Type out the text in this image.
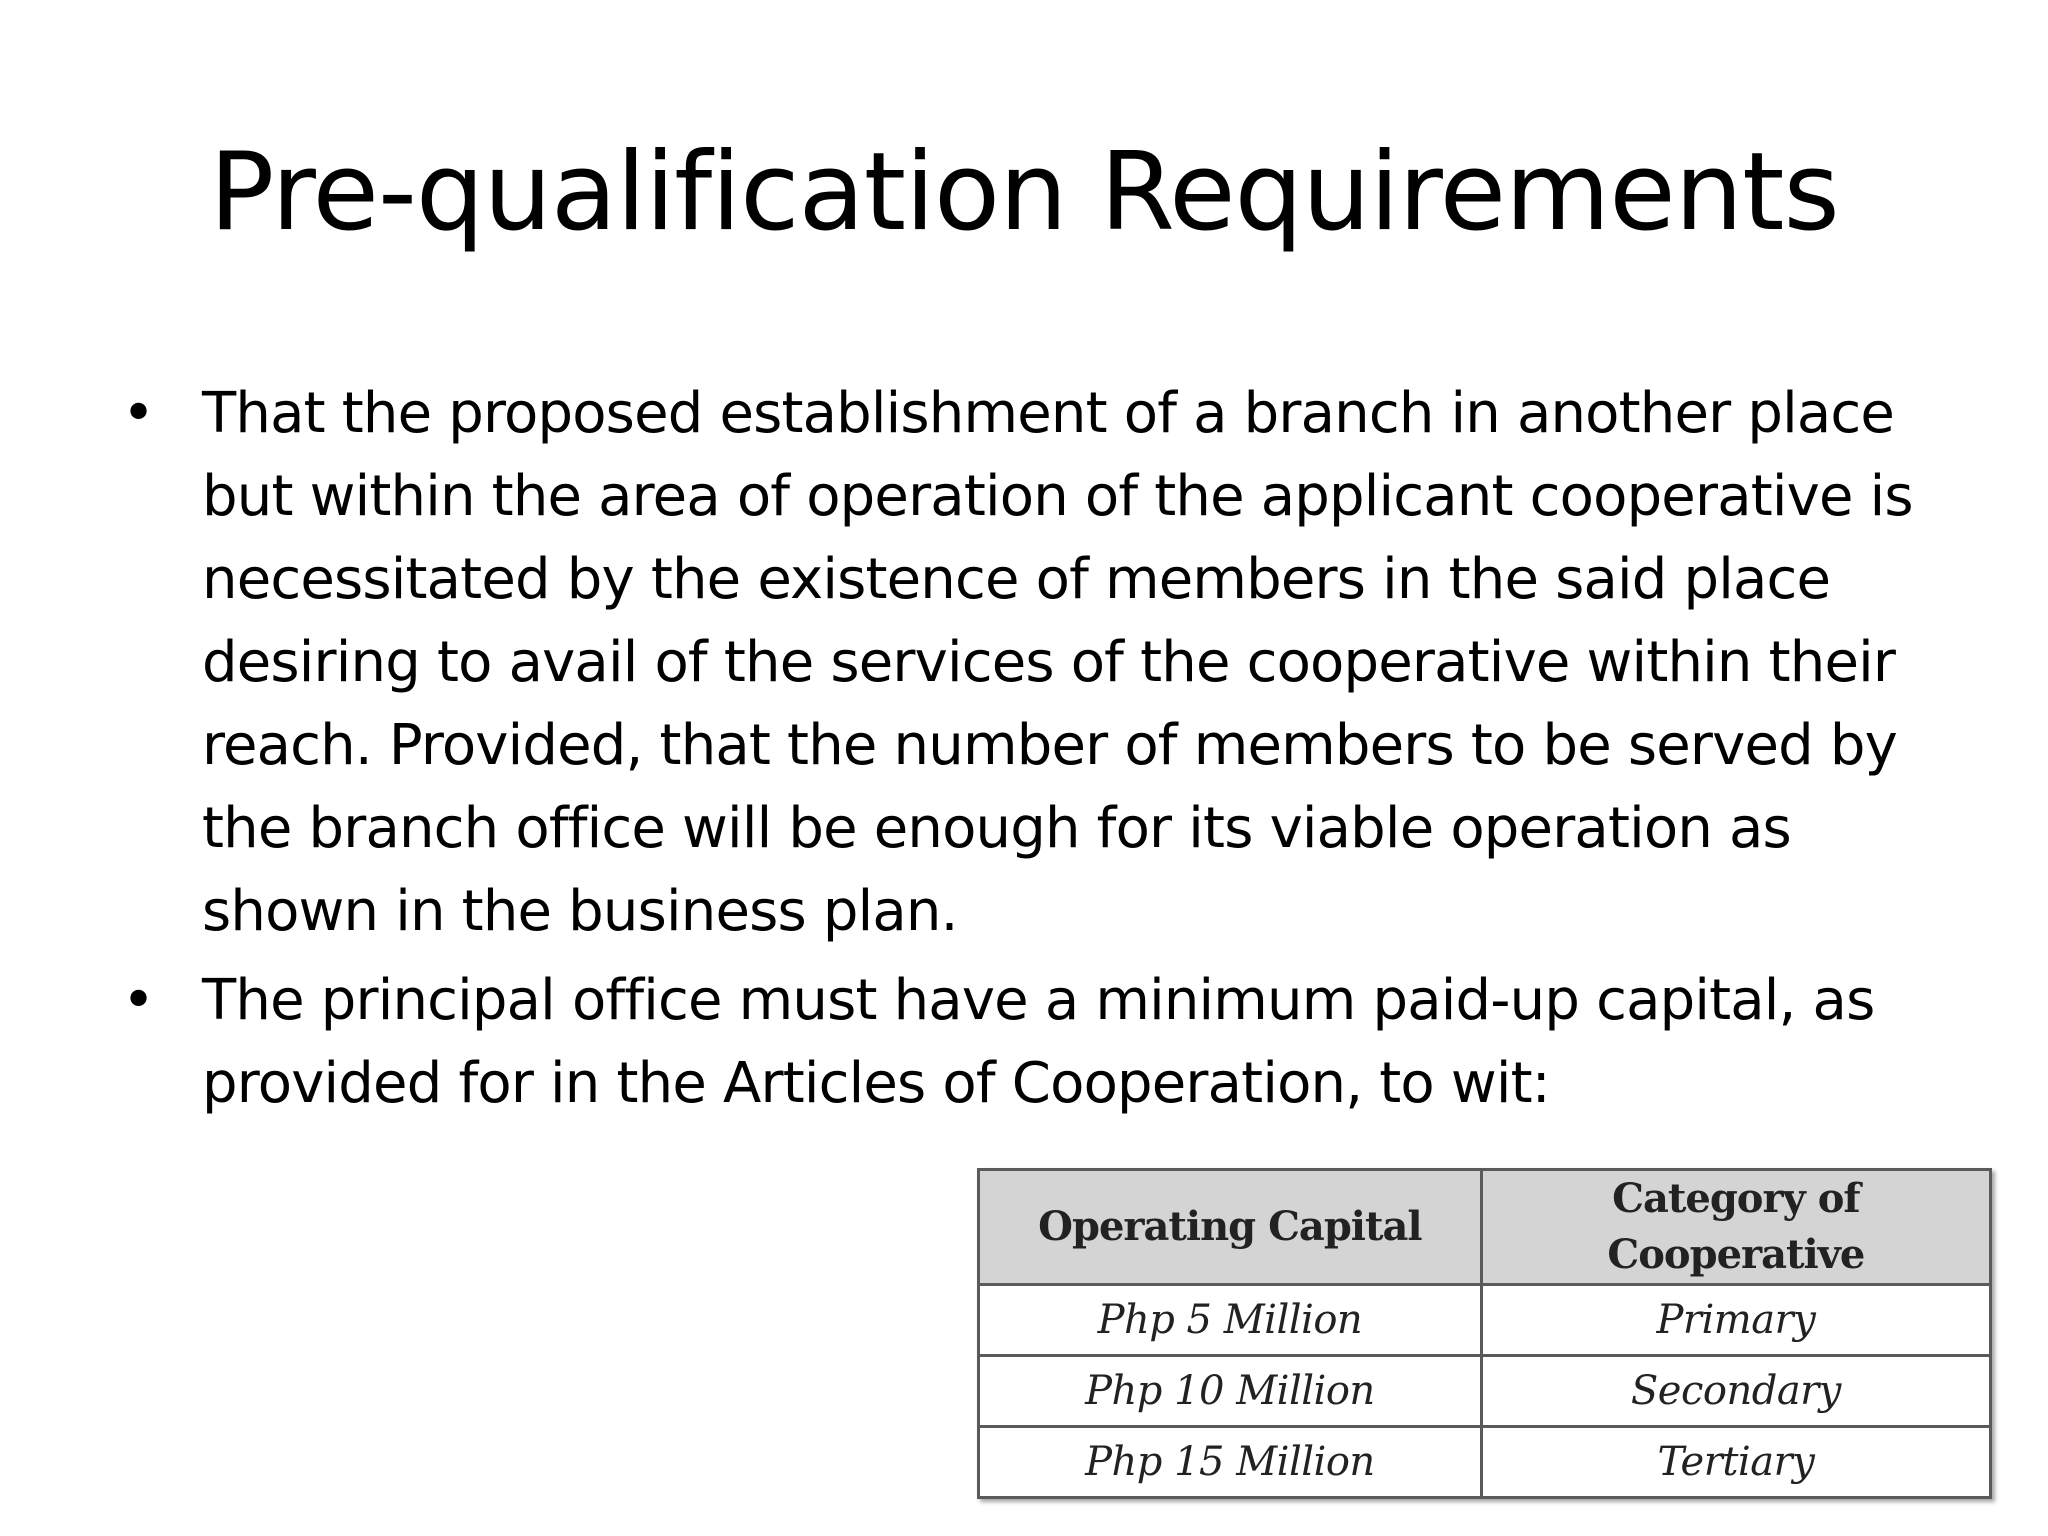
Pre-qualification Requirements
• That the proposed establishment of a branch in another place but within the area of operation of the applicant cooperative is necessitated by the existence of members in the said place desiring to avail of the services of the cooperative within their reach. Provided, that the number of members to be served by the branch office will be enough for its viable operation as shown in the business plan.
• The principal office must have a minimum paid-up capital, as provided for in the Articles of Cooperation, to wit:
Operating Capital	Category of Cooperative
Php 5 Million	Primary
Php 10 Million	Secondary
Php 15 Million	Tertiary
